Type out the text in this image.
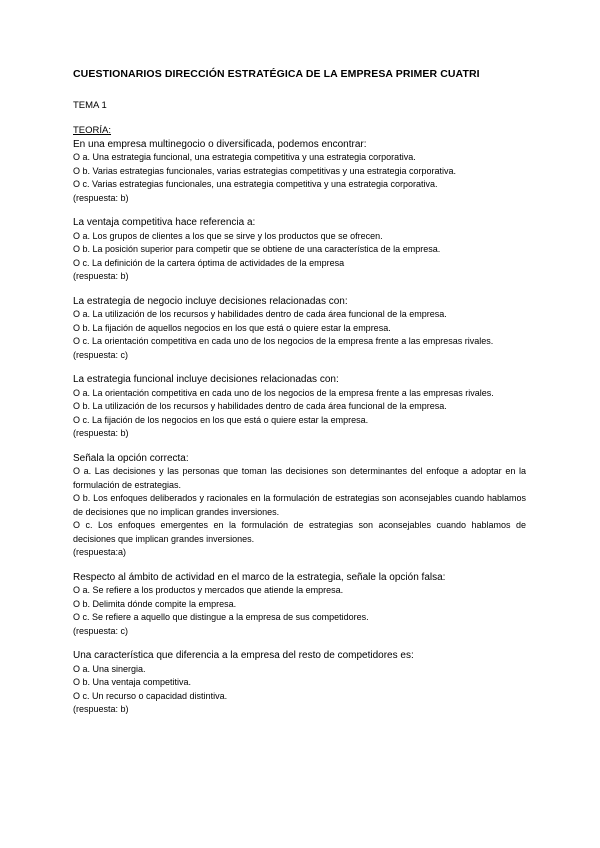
CUESTIONARIOS DIRECCIÓN ESTRATÉGICA DE LA EMPRESA PRIMER CUATRI

TEMA 1

TEORÍA:

En una empresa multinegocio o diversificada, podemos encontrar:

O a. Una estrategia funcional, una estrategia competitiva y una estrategia corporativa.

O b. Varias estrategias funcionales, varias estrategias competitivas y una estrategia corporativa.

O c. Varias estrategias funcionales, una estrategia competitiva y una estrategia corporativa.

(respuesta: b)

La ventaja competitiva hace referencia a:

O a. Los grupos de clientes a los que se sirve y los productos que se ofrecen.

O b. La posición superior para competir que se obtiene de una característica de la empresa.

O c. La definición de la cartera óptima de actividades de la empresa

(respuesta: b)

La estrategia de negocio incluye decisiones relacionadas con:

O a. La utilización de los recursos y habilidades dentro de cada área funcional de la empresa.

O b. La fijación de aquellos negocios en los que está o quiere estar la empresa.

O c. La orientación competitiva en cada uno de los negocios de la empresa frente a las empresas rivales.

(respuesta: c)

La estrategia funcional incluye decisiones relacionadas con:

O a. La orientación competitiva en cada uno de los negocios de la empresa frente a las empresas rivales.

O b. La utilización de los recursos y habilidades dentro de cada área funcional de la empresa.

O c. La fijación de los negocios en los que está o quiere estar la empresa.

(respuesta: b)

Señala la opción correcta:

O a. Las decisiones y las personas que toman las decisiones son determinantes del enfoque a adoptar en la formulación de estrategias.

O b. Los enfoques deliberados y racionales en la formulación de estrategias son aconsejables cuando hablamos de decisiones que no implican grandes inversiones.

O c. Los enfoques emergentes en la formulación de estrategias son aconsejables cuando hablamos de decisiones que implican grandes inversiones.

(respuesta:a)

Respecto al ámbito de actividad en el marco de la estrategia, señale la opción falsa:

O a. Se refiere a los productos y mercados que atiende la empresa.

O b. Delimita dónde compite la empresa.

O c. Se refiere a aquello que distingue a la empresa de sus competidores.

(respuesta: c)

Una característica que diferencia a la empresa del resto de competidores es:

O a. Una sinergia.

O b. Una ventaja competitiva.

O c. Un recurso o capacidad distintiva.

(respuesta: b)
